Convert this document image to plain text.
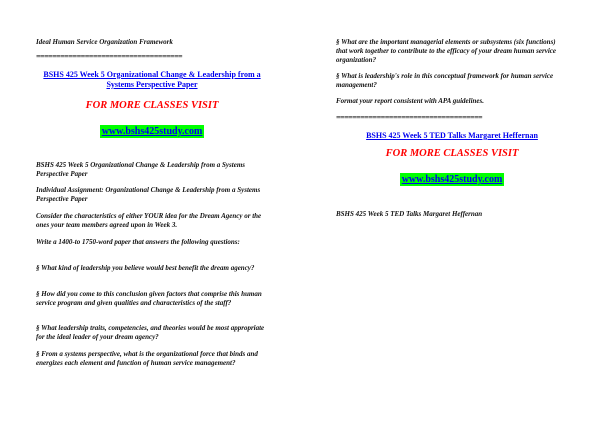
Ideal Human Service Organization Framework

====================================
BSHS 425 Week 5 Organizational Change & Leadership from a Systems Perspective Paper
FOR MORE CLASSES VISIT
www.bshs425study.com

BSHS 425 Week 5 Organizational Change & Leadership from a Systems Perspective Paper

Individual Assignment: Organizational Change & Leadership from a Systems Perspective Paper

Consider the characteristics of either YOUR idea for the Dream Agency or the ones your team members agreed upon in Week 3.

Write a 1400-to 1750-word paper that answers the following questions:

§ What kind of leadership you believe would best benefit the dream agency?

§ How did you come to this conclusion given factors that comprise this human service program and given qualities and characteristics of the staff?

§ What leadership traits, competencies, and theories would be most appropriate for the ideal leader of your dream agency?

§ From a systems perspective, what is the organizational force that binds and energizes each element and function of human service management?

§ What are the important managerial elements or subsystems (six functions) that work together to contribute to the efficacy of your dream human service organization?

§ What is leadership's role in this conceptual framework for human service management?

Format your report consistent with APA guidelines.

====================================
BSHS 425 Week 5 TED Talks Margaret Heffernan
FOR MORE CLASSES VISIT
www.bshs425study.com

BSHS 425 Week 5 TED Talks Margaret Heffernan
